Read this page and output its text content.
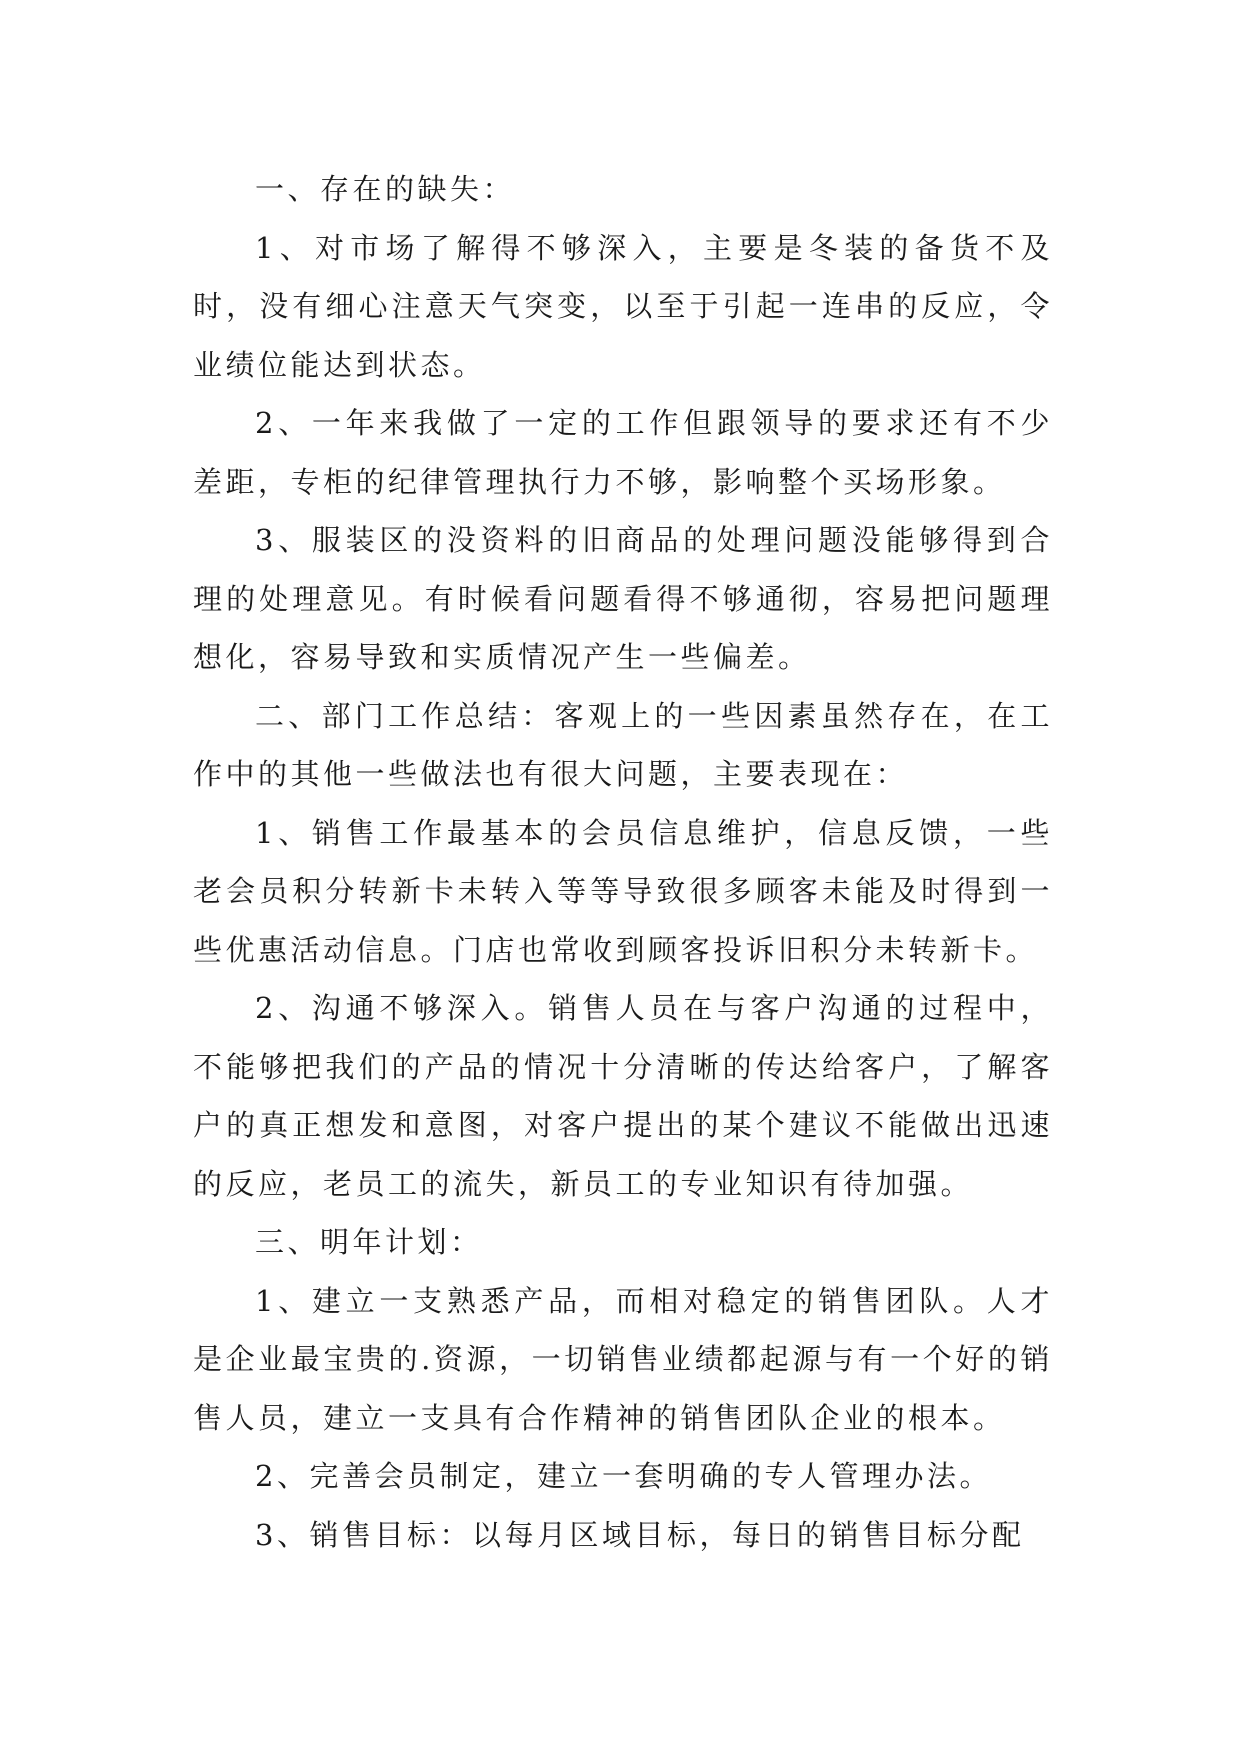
一、存在的缺失：

1、对市场了解得不够深入，主要是冬装的备货不及时，没有细心注意天气突变，以至于引起一连串的反应，令业绩位能达到状态。

2、一年来我做了一定的工作但跟领导的要求还有不少差距，专柜的纪律管理执行力不够，影响整个买场形象。

3、服装区的没资料的旧商品的处理问题没能够得到合理的处理意见。有时候看问题看得不够通彻，容易把问题理想化，容易导致和实质情况产生一些偏差。

二、部门工作总结：客观上的一些因素虽然存在，在工作中的其他一些做法也有很大问题，主要表现在：

1、销售工作最基本的会员信息维护，信息反馈，一些老会员积分转新卡未转入等等导致很多顾客未能及时得到一些优惠活动信息。门店也常收到顾客投诉旧积分未转新卡。

2、沟通不够深入。销售人员在与客户沟通的过程中，不能够把我们的产品的情况十分清晰的传达给客户，了解客户的真正想发和意图，对客户提出的某个建议不能做出迅速的反应，老员工的流失，新员工的专业知识有待加强。

三、明年计划：

1、建立一支熟悉产品，而相对稳定的销售团队。人才是企业最宝贵的.资源，一切销售业绩都起源与有一个好的销售人员，建立一支具有合作精神的销售团队企业的根本。

2、完善会员制定，建立一套明确的专人管理办法。

3、销售目标：以每月区域目标，每日的销售目标分配
